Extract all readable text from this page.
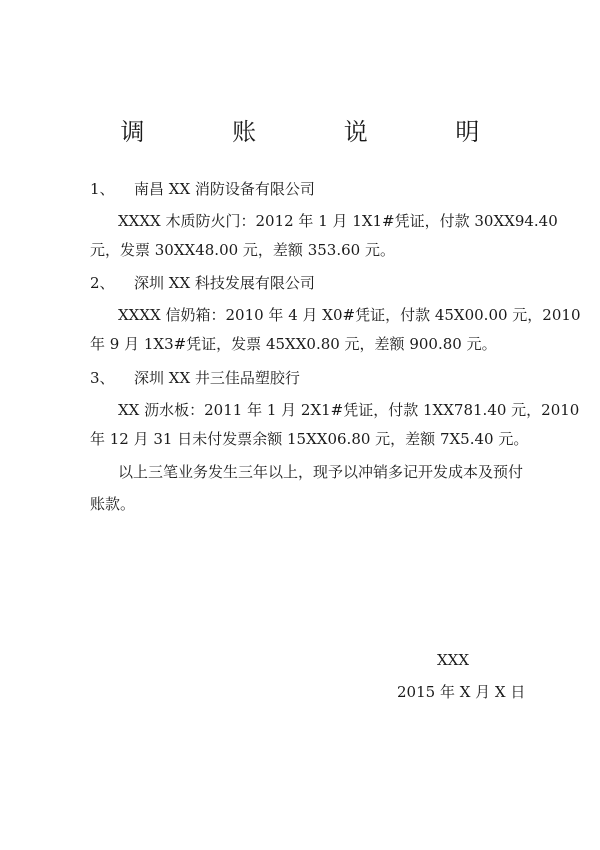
调 账 说 明
1、 南昌 XX 消防设备有限公司
XXXX 木质防火门：2012 年 1 月 1X1#凭证，付款 30XX94.40
元，发票 30XX48.00 元，差额 353.60 元。
2、 深圳 XX 科技发展有限公司
XXXX 信奶箱：2010 年 4 月 X0#凭证，付款 45X00.00 元，2010
年 9 月 1X3#凭证，发票 45XX0.80 元，差额 900.80 元。
3、 深圳 XX 井三佳品塑胶行
XX 沥水板：2011 年 1 月 2X1#凭证，付款 1XX781.40 元，2010
年 12 月 31 日未付发票余额 15XX06.80 元，差额 7X5.40 元。
以上三笔业务发生三年以上，现予以冲销多记开发成本及预付
账款。
XXX
2015 年 X 月 X 日
